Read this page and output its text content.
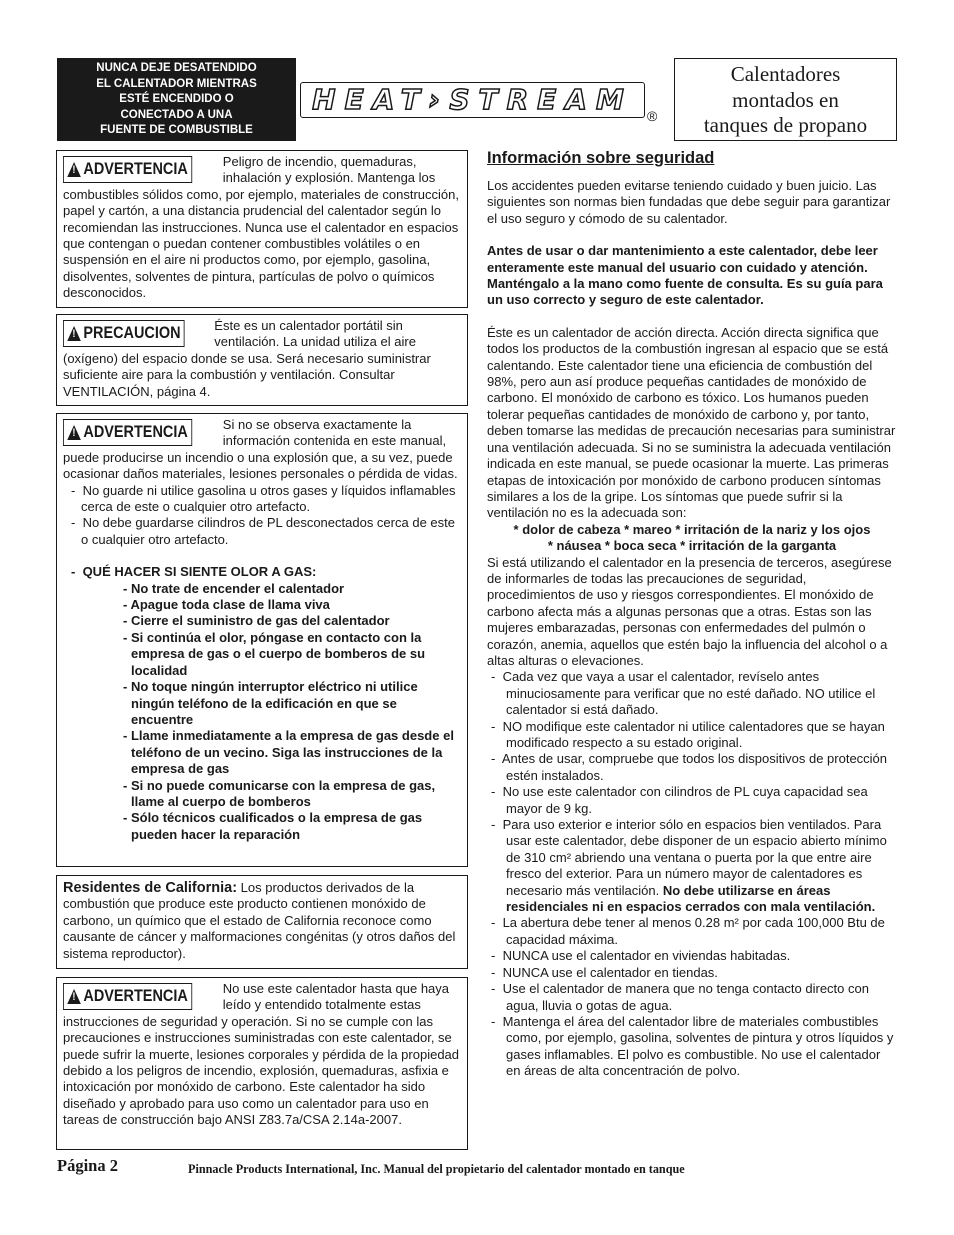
NUNCA DEJE DESATENDIDO
EL CALENTADOR MIENTRAS
ESTÉ ENCENDIDO O
CONECTADO A UNA
FUENTE DE COMBUSTIBLE
HEAT›STREAM
®
Calentadores
montados en
tanques de propano
!
ADVERTENCIA	Peligro de incendio, quemaduras, inhalación y explosión. Mantenga los combustibles sólidos como, por ejemplo, materiales de construcción, papel y cartón, a una distancia prudencial del calentador según lo recomiendan las instrucciones. Nunca use el calentador en espacios que contengan o puedan contener combustibles volátiles o en suspensión en el aire ni productos como, por ejemplo, gasolina, disolventes, solventes de pintura, partículas de polvo o químicos desconocidos.
!
PRECAUCION	Éste es un calentador portátil sin ventilación. La unidad utiliza el aire (oxígeno) del espacio donde se usa. Será necesario suministrar suficiente aire para la combustión y ventilación. Consultar VENTILACIÓN, página 4.
!
ADVERTENCIA	Si no se observa exactamente la información contenida en este manual, puede producirse un incendio o una explosión que, a su vez, puede ocasionar daños materiales, lesiones personales o pérdida de vidas.
-  No guarde ni utilice gasolina u otros gases y líquidos inflamables cerca de este o cualquier otro artefacto.
-  No debe guardarse cilindros de PL desconectados cerca de este o cualquier otro artefacto.
-  QUÉ HACER SI SIENTE OLOR A GAS:
- No trate de encender el calentador
- Apague toda clase de llama viva
- Cierre el suministro de gas del calentador
- Si continúa el olor, póngase en contacto con la empresa de gas o el cuerpo de bomberos de su localidad
- No toque ningún interruptor eléctrico ni utilice ningún teléfono de la edificación en que se encuentre
- Llame inmediatamente a la empresa de gas desde el teléfono de un vecino. Siga las instrucciones de la empresa de gas
- Si no puede comunicarse con la empresa de gas, llame al cuerpo de bomberos
- Sólo técnicos cualificados o la empresa de gas pueden hacer la reparación
Residentes de California: Los productos derivados de la combustión que produce este producto contienen monóxido de carbono, un químico que el estado de California reconoce como causante de cáncer y malformaciones congénitas (y otros daños del sistema reproductor).
!
ADVERTENCIA	No use este calentador hasta que haya leído y entendido totalmente estas instrucciones de seguridad y operación. Si no se cumple con las precauciones e instrucciones suministradas con este calentador, se puede sufrir la muerte, lesiones corporales y pérdida de la propiedad debido a los peligros de incendio, explosión, quemaduras, asfixia e intoxicación por monóxido de carbono. Este calentador ha sido diseñado y aprobado para uso como un calentador para uso en tareas de construcción bajo ANSI Z83.7a/CSA 2.14a-2007.
Información sobre seguridad
Los accidentes pueden evitarse teniendo cuidado y buen juicio. Las siguientes son normas bien fundadas que debe seguir para garantizar el uso seguro y cómodo de su calentador.
Antes de usar o dar mantenimiento a este calentador, debe leer enteramente este manual del usuario con cuidado y atención. Manténgalo a la mano como fuente de consulta. Es su guía para un uso correcto y seguro de este calentador.
Éste es un calentador de acción directa. Acción directa significa que todos los productos de la combustión ingresan al espacio que se está calentando. Este calentador tiene una eficiencia de combustión del 98%, pero aun así produce pequeñas cantidades de monóxido de carbono. El monóxido de carbono es tóxico. Los humanos pueden tolerar pequeñas cantidades de monóxido de carbono y, por tanto, deben tomarse las medidas de precaución necesarias para suministrar una ventilación adecuada. Si no se suministra la adecuada ventilación indicada en este manual, se puede ocasionar la muerte. Las primeras etapas de intoxicación por monóxido de carbono producen síntomas similares a los de la gripe. Los síntomas que puede sufrir si la ventilación no es la adecuada son:
* dolor de cabeza * mareo * irritación de la nariz y los ojos
* náusea * boca seca * irritación de la garganta
Si está utilizando el calentador en la presencia de terceros, asegúrese de informarles de todas las precauciones de seguridad, procedimientos de uso y riesgos correspondientes. El monóxido de carbono afecta más a algunas personas que a otras. Estas son las mujeres embarazadas, personas con enfermedades del pulmón o corazón, anemia, aquellos que estén bajo la influencia del alcohol o a altas alturas o elevaciones.
-  Cada vez que vaya a usar el calentador, revíselo antes minuciosamente para verificar que no esté dañado. NO utilice el calentador si está dañado.
-  NO modifique este calentador ni utilice calentadores que se hayan modificado respecto a su estado original.
-  Antes de usar, compruebe que todos los dispositivos de protección estén instalados.
-  No use este calentador con cilindros de PL cuya capacidad sea mayor de 9 kg.
-  Para uso exterior e interior sólo en espacios bien ventilados. Para usar este calentador, debe disponer de un espacio abierto mínimo de 310 cm² abriendo una ventana o puerta por la que entre aire fresco del exterior. Para un número mayor de calentadores es necesario más ventilación. No debe utilizarse en áreas residenciales ni en espacios cerrados con mala ventilación.
-  La abertura debe tener al menos 0.28 m² por cada 100,000 Btu de capacidad máxima.
-  NUNCA use el calentador en viviendas habitadas.
-  NUNCA use el calentador en tiendas.
-  Use el calentador de manera que no tenga contacto directo con agua, lluvia o gotas de agua.
-  Mantenga el área del calentador libre de materiales combustibles como, por ejemplo, gasolina, solventes de pintura y otros líquidos y gases inflamables. El polvo es combustible. No use el calentador en áreas de alta concentración de polvo.
Página 2	Pinnacle Products International, Inc. Manual del propietario del calentador montado en tanque
